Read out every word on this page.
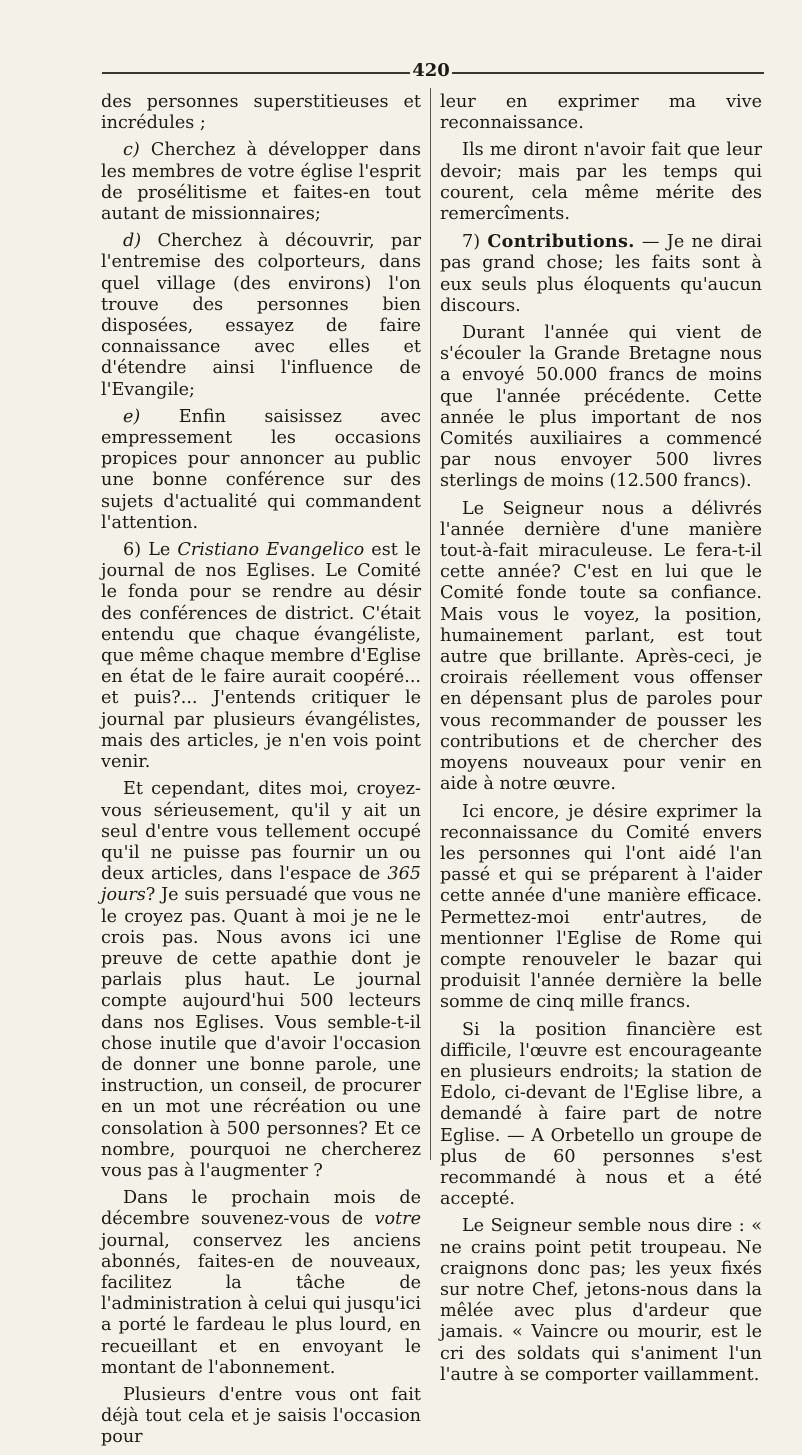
420

des personnes superstitieuses et incrédules ;

c) Cherchez à développer dans les membres de votre église l'esprit de prosélitisme et faites-en tout autant de missionnaires;

d) Cherchez à découvrir, par l'entremise des colporteurs, dans quel village (des environs) l'on trouve des personnes bien disposées, essayez de faire connaissance avec elles et d'étendre ainsi l'influence de l'Evangile;

e) Enfin saisissez avec empressement les occasions propices pour annoncer au public une bonne conférence sur des sujets d'actualité qui commandent l'attention.

6) Le Cristiano Evangelico est le journal de nos Eglises. Le Comité le fonda pour se rendre au désir des conférences de district. C'était entendu que chaque évangéliste, que même chaque membre d'Eglise en état de le faire aurait coopéré... et puis?... J'entends critiquer le journal par plusieurs évangélistes, mais des articles, je n'en vois point venir.

Et cependant, dites moi, croyez-vous sérieusement, qu'il y ait un seul d'entre vous tellement occupé qu'il ne puisse pas fournir un ou deux articles, dans l'espace de 365 jours? Je suis persuadé que vous ne le croyez pas. Quant à moi je ne le crois pas. Nous avons ici une preuve de cette apathie dont je parlais plus haut. Le journal compte aujourd'hui 500 lecteurs dans nos Eglises. Vous semble-t-il chose inutile que d'avoir l'occasion de donner une bonne parole, une instruction, un conseil, de procurer en un mot une récréation ou une consolation à 500 personnes? Et ce nombre, pourquoi ne chercherez vous pas à l'augmenter ?

Dans le prochain mois de décembre souvenez-vous de votre journal, conservez les anciens abonnés, faites-en de nouveaux, facilitez la tâche de l'administration à celui qui jusqu'ici a porté le fardeau le plus lourd, en recueillant et en envoyant le montant de l'abonnement.

Plusieurs d'entre vous ont fait déjà tout cela et je saisis l'occasion pour

leur en exprimer ma vive reconnaissance.

Ils me diront n'avoir fait que leur devoir; mais par les temps qui courent, cela même mérite des remercîments.

7) Contributions. — Je ne dirai pas grand chose; les faits sont à eux seuls plus éloquents qu'aucun discours.

Durant l'année qui vient de s'écouler la Grande Bretagne nous a envoyé 50.000 francs de moins que l'année précédente. Cette année le plus important de nos Comités auxiliaires a commencé par nous envoyer 500 livres sterlings de moins (12.500 francs).

Le Seigneur nous a délivrés l'année dernière d'une manière tout-à-fait miraculeuse. Le fera-t-il cette année? C'est en lui que le Comité fonde toute sa confiance. Mais vous le voyez, la position, humainement parlant, est tout autre que brillante. Après-ceci, je croirais réellement vous offenser en dépensant plus de paroles pour vous recommander de pousser les contributions et de chercher des moyens nouveaux pour venir en aide à notre œuvre.

Ici encore, je désire exprimer la reconnaissance du Comité envers les personnes qui l'ont aidé l'an passé et qui se préparent à l'aider cette année d'une manière efficace. Permettez-moi entr'autres, de mentionner l'Eglise de Rome qui compte renouveler le bazar qui produisit l'année dernière la belle somme de cinq mille francs.

Si la position financière est difficile, l'œuvre est encourageante en plusieurs endroits; la station de Edolo, ci-devant de l'Eglise libre, a demandé à faire part de notre Eglise. — A Orbetello un groupe de plus de 60 personnes s'est recommandé à nous et a été accepté.

Le Seigneur semble nous dire : « ne crains point petit troupeau. Ne craignons donc pas; les yeux fixés sur notre Chef, jetons-nous dans la mêlée avec plus d'ardeur que jamais. « Vaincre ou mourir, est le cri des soldats qui s'animent l'un l'autre à se comporter vaillamment.
